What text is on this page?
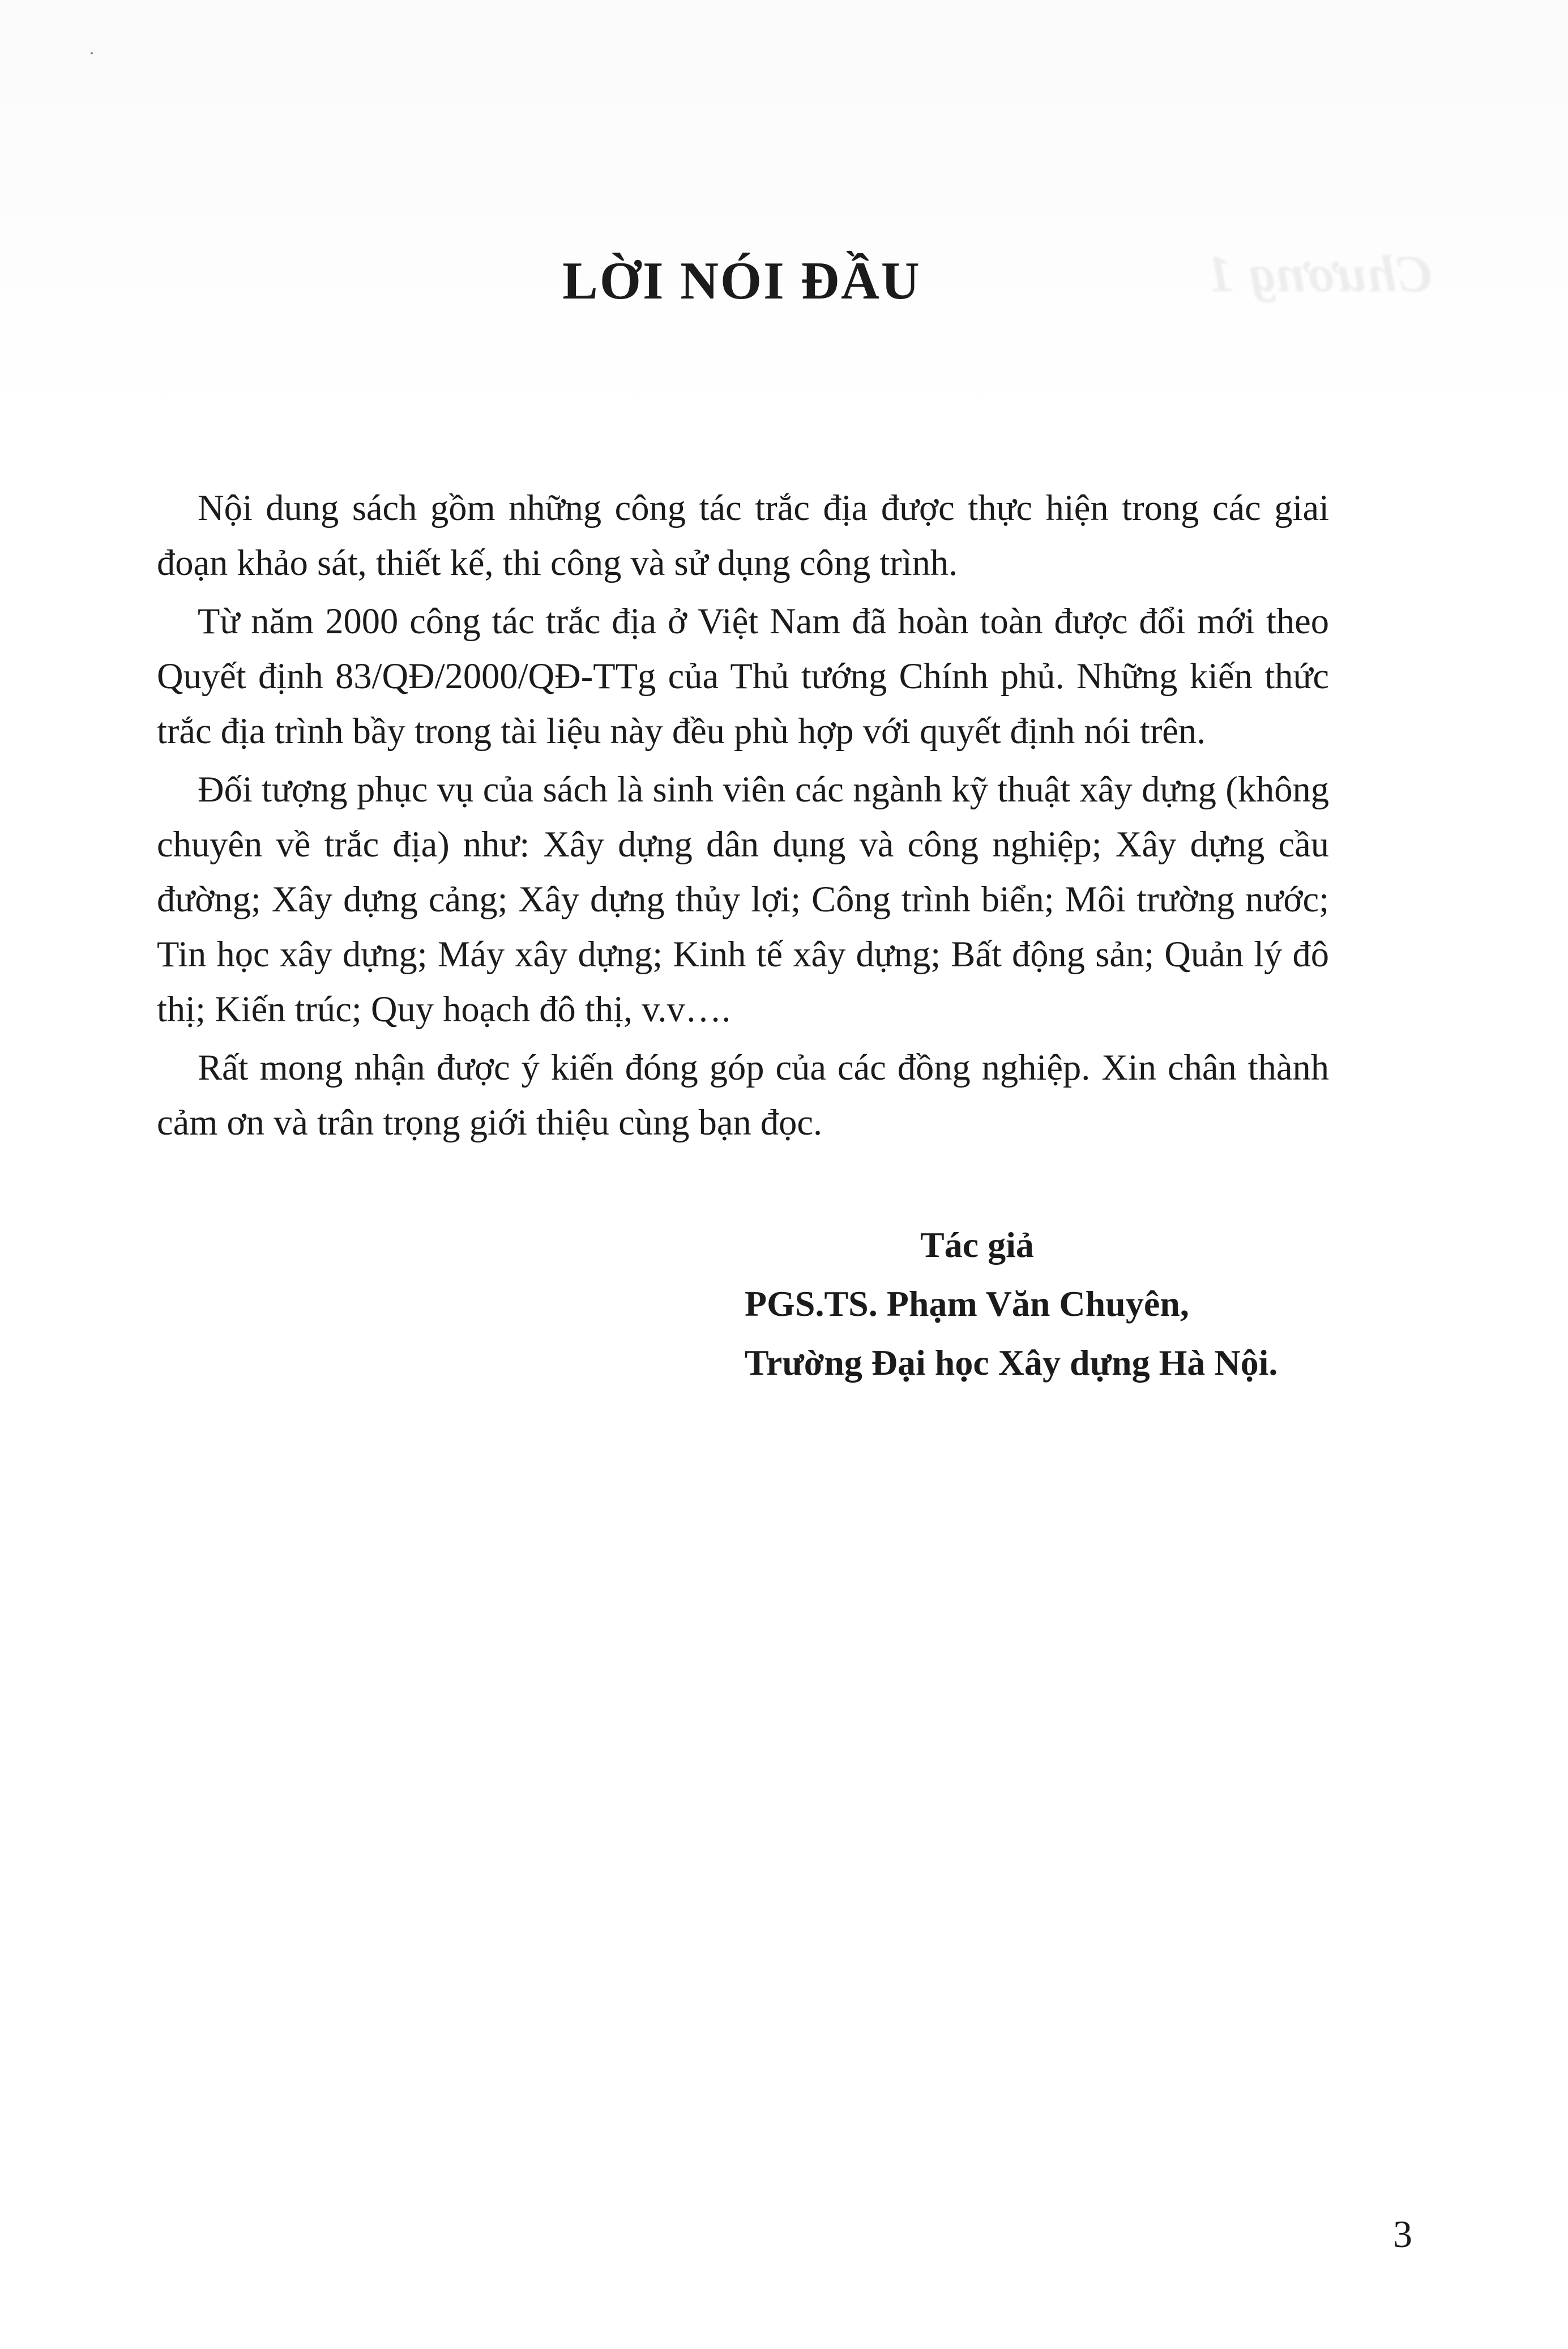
Chương 1
LỜI NÓI ĐẦU

Nội dung sách gồm những công tác trắc địa được thực hiện trong các giai đoạn khảo sát, thiết kế, thi công và sử dụng công trình.

Từ năm 2000 công tác trắc địa ở Việt Nam đã hoàn toàn được đổi mới theo Quyết định 83/QĐ/2000/QĐ-TTg của Thủ tướng Chính phủ. Những kiến thức trắc địa trình bầy trong tài liệu này đều phù hợp với quyết định nói trên.

Đối tượng phục vụ của sách là sinh viên các ngành kỹ thuật xây dựng (không chuyên về trắc địa) như: Xây dựng dân dụng và công nghiệp; Xây dựng cầu đường; Xây dựng cảng; Xây dựng thủy lợi; Công trình biển; Môi trường nước; Tin học xây dựng; Máy xây dựng; Kinh tế xây dựng; Bất động sản; Quản lý đô thị; Kiến trúc; Quy hoạch đô thị, v.v….

Rất mong nhận được ý kiến đóng góp của các đồng nghiệp. Xin chân thành cảm ơn và trân trọng giới thiệu cùng bạn đọc.

Tác giả
PGS.TS. Phạm Văn Chuyên,
Trường Đại học Xây dựng Hà Nội.
3
